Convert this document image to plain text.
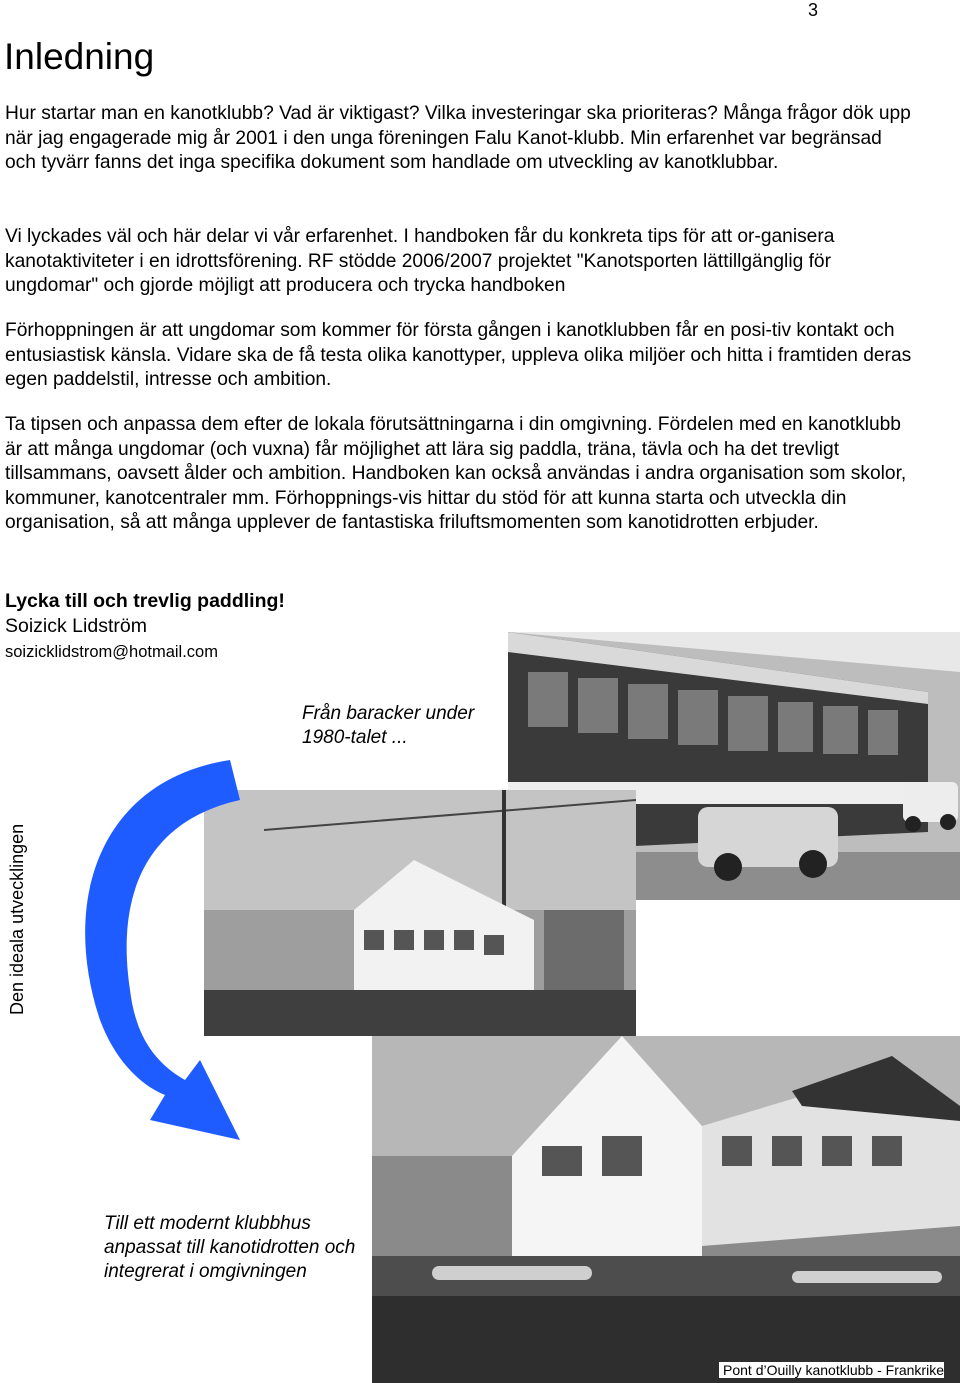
3
Inledning

Hur startar man en kanotklubb? Vad är viktigast? Vilka investeringar ska prioriteras? Många frågor dök upp när jag engagerade mig år 2001 i den unga föreningen Falu Kanot-klubb. Min erfarenhet var begränsad och tyvärr fanns det inga specifika dokument som handlade om utveckling av kanotklubbar.

Vi lyckades väl och här delar vi vår erfarenhet. I handboken får du konkreta tips för att or-ganisera kanotaktiviteter i en idrottsförening. RF stödde 2006/2007 projektet "Kanotsporten lättillgänglig för ungdomar" och gjorde möjligt att producera och trycka handboken

Förhoppningen är att ungdomar som kommer för första gången i kanotklubben får en posi-tiv kontakt och entusiastisk känsla. Vidare ska de få testa olika kanottyper, uppleva olika miljöer och hitta i framtiden deras egen paddelstil, intresse och ambition.

Ta tipsen och anpassa dem efter de lokala förutsättningarna i din omgivning. Fördelen med en kanotklubb är att många ungdomar (och vuxna) får möjlighet att lära sig paddla, träna, tävla och ha det trevligt tillsammans, oavsett ålder och ambition. Handboken kan också användas i andra organisation som skolor, kommuner, kanotcentraler mm. Förhoppnings-vis hittar du stöd för att kunna starta och utveckla din organisation, så att många upplever de fantastiska friluftsmomenten som kanotidrotten erbjuder.

Lycka till och trevlig paddling!
Soizick Lidström
soizicklidstrom@hotmail.com
Från baracker under 1980-talet ...
Till ett modernt klubbhus anpassat till kanotidrotten och integrerat i omgivningen
Den ideala utvecklingen
Pont d’Ouilly kanotklubb - Frankrike
